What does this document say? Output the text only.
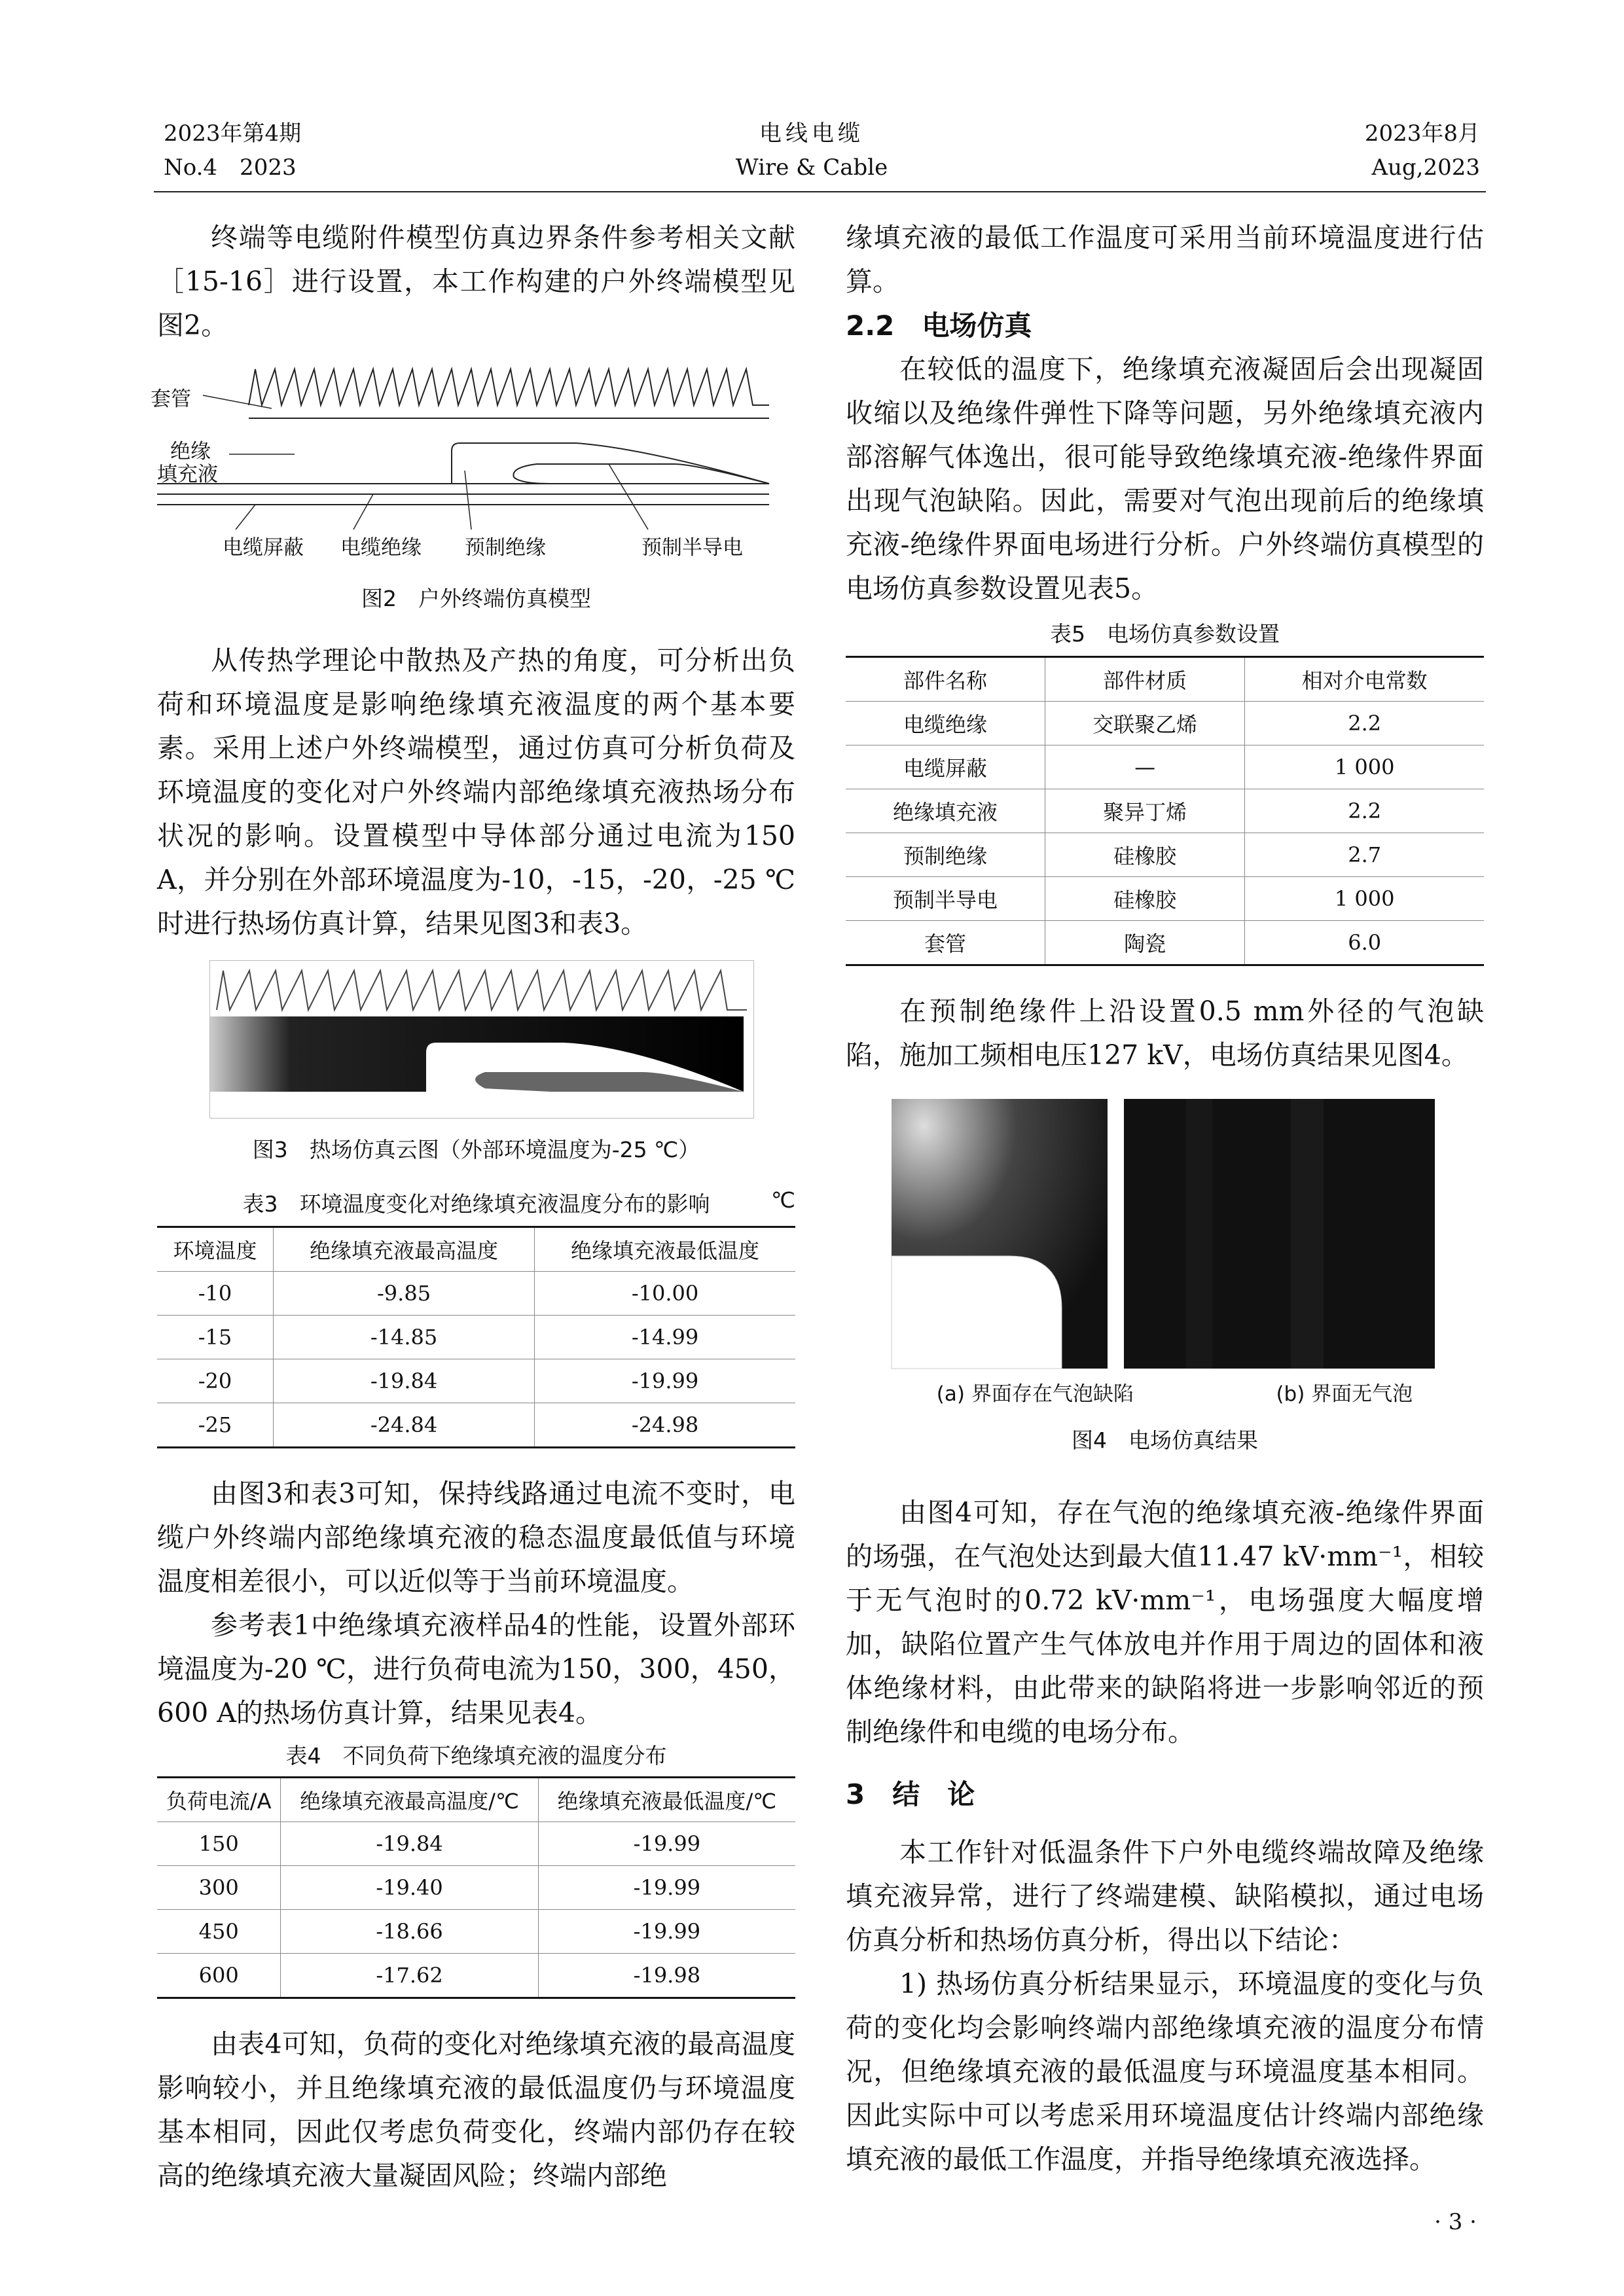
2023年第4期
No.4　2023
电线电缆
Wire & Cable
2023年8月
Aug,2023

终端等电缆附件模型仿真边界条件参考相关文献［15-16］进行设置，本工作构建的户外终端模型见图2。

套管
绝缘
填充液
电缆屏蔽 电缆绝缘 预制绝缘	预制半导电
图2　户外终端仿真模型

从传热学理论中散热及产热的角度，可分析出负荷和环境温度是影响绝缘填充液温度的两个基本要素。采用上述户外终端模型，通过仿真可分析负荷及环境温度的变化对户外终端内部绝缘填充液热场分布状况的影响。设置模型中导体部分通过电流为150 A，并分别在外部环境温度为-10，-15，-20，-25 ℃时进行热场仿真计算，结果见图3和表3。

图3　热场仿真云图（外部环境温度为-25 ℃）
表3　环境温度变化对绝缘填充液温度分布的影响	℃
环境温度	绝缘填充液最高温度	绝缘填充液最低温度
-10	-9.85	-10.00
-15	-14.85	-14.99
-20	-19.84	-19.99
-25	-24.84	-24.98

由图3和表3可知，保持线路通过电流不变时，电缆户外终端内部绝缘填充液的稳态温度最低值与环境温度相差很小，可以近似等于当前环境温度。

参考表1中绝缘填充液样品4的性能，设置外部环境温度为-20 ℃，进行负荷电流为150，300，450，600 A的热场仿真计算，结果见表4。

表4　不同负荷下绝缘填充液的温度分布
负荷电流/A	绝缘填充液最高温度/℃	绝缘填充液最低温度/℃
150	-19.84	-19.99
300	-19.40	-19.99
450	-18.66	-19.99
600	-17.62	-19.98

由表4可知，负荷的变化对绝缘填充液的最高温度影响较小，并且绝缘填充液的最低温度仍与环境温度基本相同，因此仅考虑负荷变化，终端内部仍存在较高的绝缘填充液大量凝固风险；终端内部绝

缘填充液的最低工作温度可采用当前环境温度进行估算。

2.2　电场仿真

在较低的温度下，绝缘填充液凝固后会出现凝固收缩以及绝缘件弹性下降等问题，另外绝缘填充液内部溶解气体逸出，很可能导致绝缘填充液-绝缘件界面出现气泡缺陷。因此，需要对气泡出现前后的绝缘填充液-绝缘件界面电场进行分析。户外终端仿真模型的电场仿真参数设置见表5。

表5　电场仿真参数设置
部件名称	部件材质	相对介电常数
电缆绝缘	交联聚乙烯	2.2
电缆屏蔽	—	1 000
绝缘填充液	聚异丁烯	2.2
预制绝缘	硅橡胶	2.7
预制半导电	硅橡胶	1 000
套管	陶瓷	6.0

在预制绝缘件上沿设置0.5 mm外径的气泡缺陷，施加工频相电压127 kV，电场仿真结果见图4。

(a) 界面存在气泡缺陷	(b) 界面无气泡
图4　电场仿真结果

由图4可知，存在气泡的绝缘填充液-绝缘件界面的场强，在气泡处达到最大值11.47 kV·mm⁻¹，相较于无气泡时的0.72 kV·mm⁻¹，电场强度大幅度增加，缺陷位置产生气体放电并作用于周边的固体和液体绝缘材料，由此带来的缺陷将进一步影响邻近的预制绝缘件和电缆的电场分布。

3　结　论

本工作针对低温条件下户外电缆终端故障及绝缘填充液异常，进行了终端建模、缺陷模拟，通过电场仿真分析和热场仿真分析，得出以下结论：

1) 热场仿真分析结果显示，环境温度的变化与负荷的变化均会影响终端内部绝缘填充液的温度分布情况，但绝缘填充液的最低温度与环境温度基本相同。因此实际中可以考虑采用环境温度估计终端内部绝缘填充液的最低工作温度，并指导绝缘填充液选择。

· 3 ·
